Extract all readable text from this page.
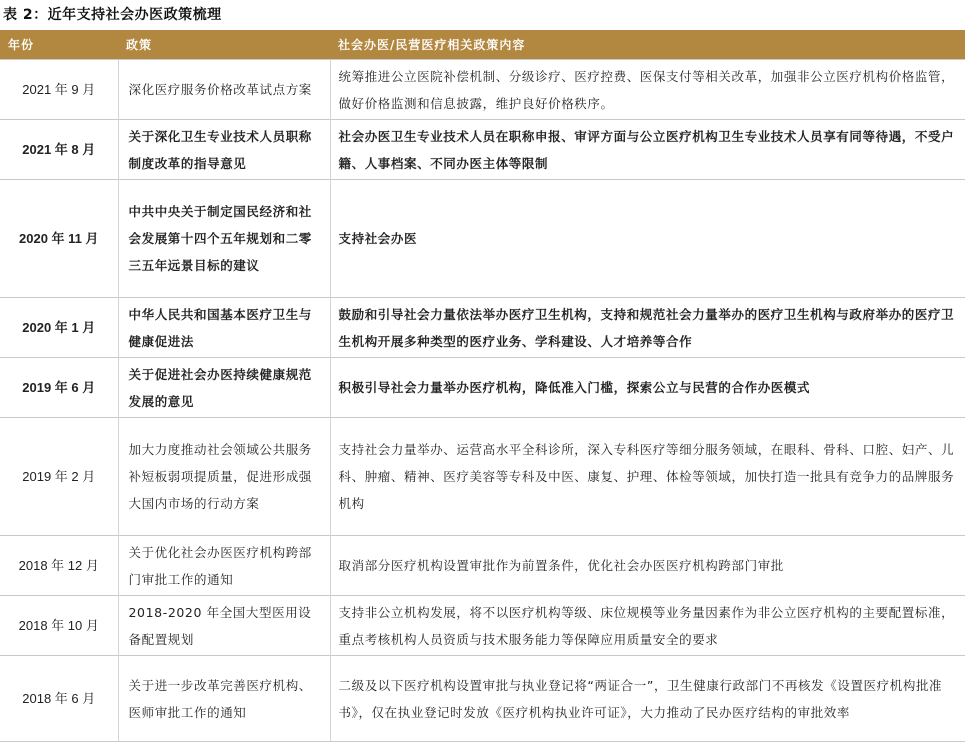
表 2：近年支持社会办医政策梳理
年份	政策	社会办医/民营医疗相关政策内容
2021 年 9 月	深化医疗服务价格改革试点方案	统筹推进公立医院补偿机制、分级诊疗、医疗控费、医保支付等相关改革，加强非公立医疗机构价格监管，做好价格监测和信息披露，维护良好价格秩序。
2021 年 8 月	关于深化卫生专业技术人员职称制度改革的指导意见	社会办医卫生专业技术人员在职称申报、审评方面与公立医疗机构卫生专业技术人员享有同等待遇，不受户籍、人事档案、不同办医主体等限制
2020 年 11 月	中共中央关于制定国民经济和社会发展第十四个五年规划和二零三五年远景目标的建议	支持社会办医
2020 年 1 月	中华人民共和国基本医疗卫生与健康促进法	鼓励和引导社会力量依法举办医疗卫生机构，支持和规范社会力量举办的医疗卫生机构与政府举办的医疗卫生机构开展多种类型的医疗业务、学科建设、人才培养等合作
2019 年 6 月	关于促进社会办医持续健康规范发展的意见	积极引导社会力量举办医疗机构，降低准入门槛，探索公立与民营的合作办医模式
2019 年 2 月	加大力度推动社会领域公共服务补短板弱项提质量，促进形成强大国内市场的行动方案	支持社会力量举办、运营高水平全科诊所，深入专科医疗等细分服务领域，在眼科、骨科、口腔、妇产、儿科、肿瘤、精神、医疗美容等专科及中医、康复、护理、体检等领域，加快打造一批具有竞争力的品牌服务机构
2018 年 12 月	关于优化社会办医医疗机构跨部门审批工作的通知	取消部分医疗机构设置审批作为前置条件，优化社会办医医疗机构跨部门审批
2018 年 10 月	2018-2020 年全国大型医用设备配置规划	支持非公立机构发展，将不以医疗机构等级、床位规模等业务量因素作为非公立医疗机构的主要配置标准，重点考核机构人员资质与技术服务能力等保障应用质量安全的要求
2018 年 6 月	关于进一步改革完善医疗机构、医师审批工作的通知	二级及以下医疗机构设置审批与执业登记将“两证合一”，卫生健康行政部门不再核发《设置医疗机构批准书》，仅在执业登记时发放《医疗机构执业许可证》，大力推动了民办医疗结构的审批效率
